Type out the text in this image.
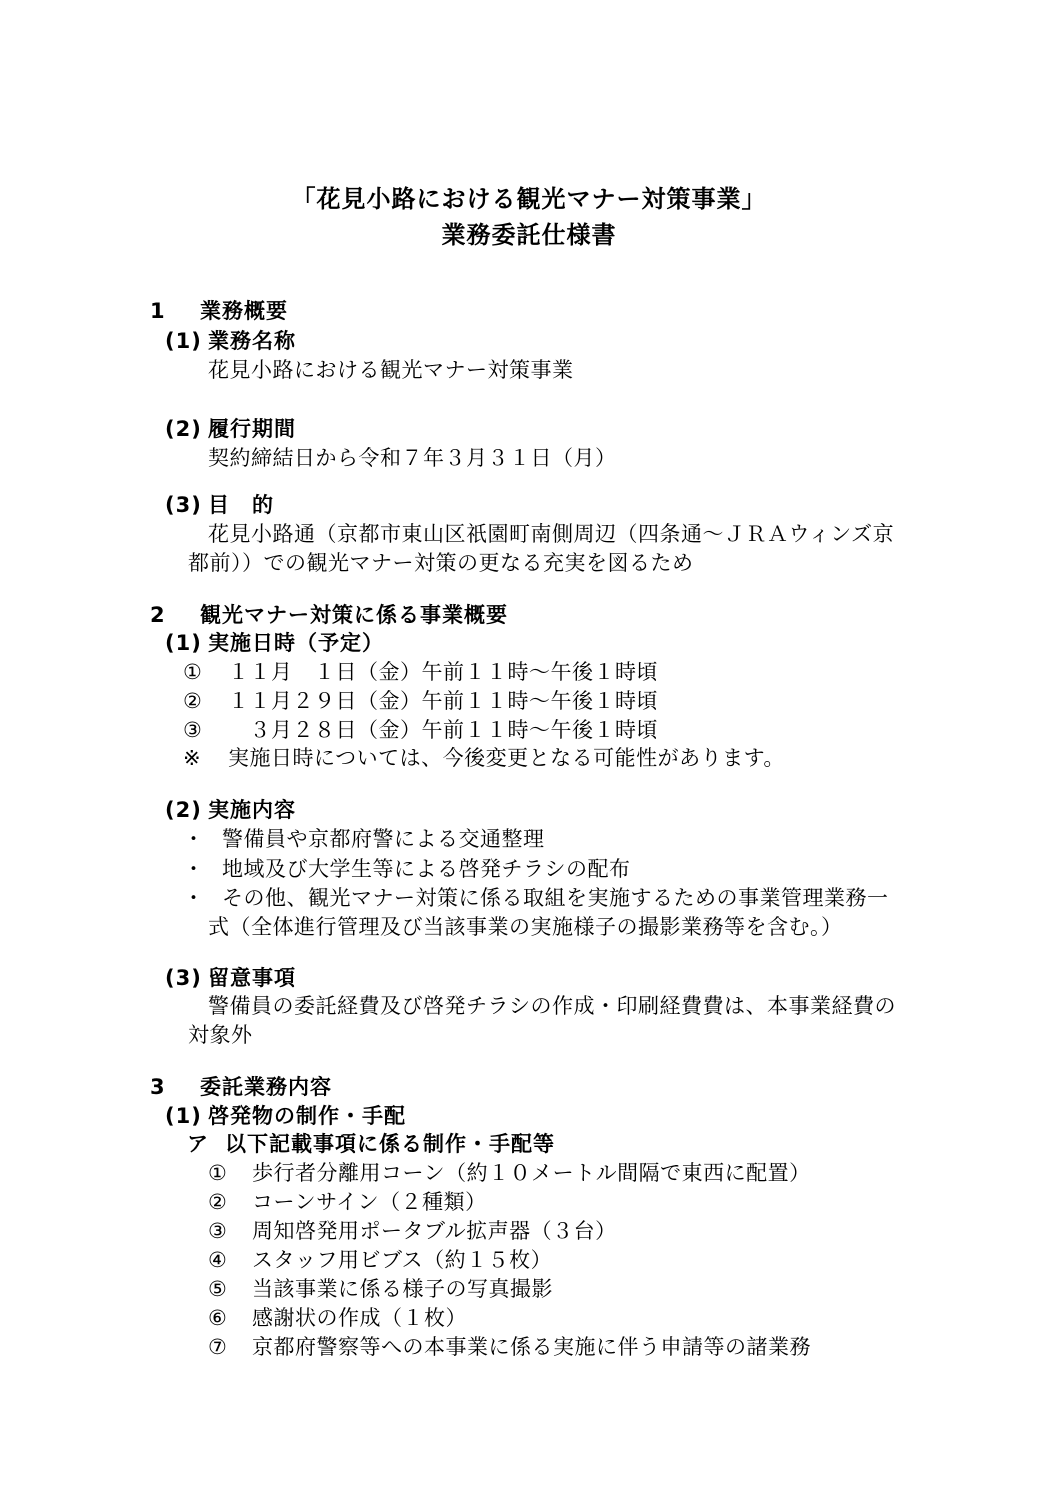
「花見小路における観光マナー対策事業」
業務委託仕様書
1 業務概要
(1) 業務名称
花見小路における観光マナー対策事業
(2) 履行期間
契約締結日から令和７年３月３１日（月）
(3) 目　的
花見小路通（京都市東山区祇園町南側周辺（四条通～ＪＲＡウィンズ京
都前））での観光マナー対策の更なる充実を図るため
2 観光マナー対策に係る事業概要
(1) 実施日時（予定）
① １１月　１日（金）午前１１時～午後１時頃
② １１月２９日（金）午前１１時～午後１時頃
③　３月２８日（金）午前１１時～午後１時頃
※ 実施日時については、今後変更となる可能性があります。
(2) 実施内容
・ 警備員や京都府警による交通整理
・ 地域及び大学生等による啓発チラシの配布
・ その他、観光マナー対策に係る取組を実施するための事業管理業務一
式（全体進行管理及び当該事業の実施様子の撮影業務等を含む。）
(3) 留意事項
警備員の委託経費及び啓発チラシの作成・印刷経費費は、本事業経費の
対象外
3 委託業務内容
(1) 啓発物の制作・手配
ア 以下記載事項に係る制作・手配等
① 歩行者分離用コーン（約１０メートル間隔で東西に配置）
② コーンサイン（２種類）
③ 周知啓発用ポータブル拡声器（３台）
④ スタッフ用ビブス（約１５枚）
⑤ 当該事業に係る様子の写真撮影
⑥ 感謝状の作成（１枚）
⑦ 京都府警察等への本事業に係る実施に伴う申請等の諸業務
